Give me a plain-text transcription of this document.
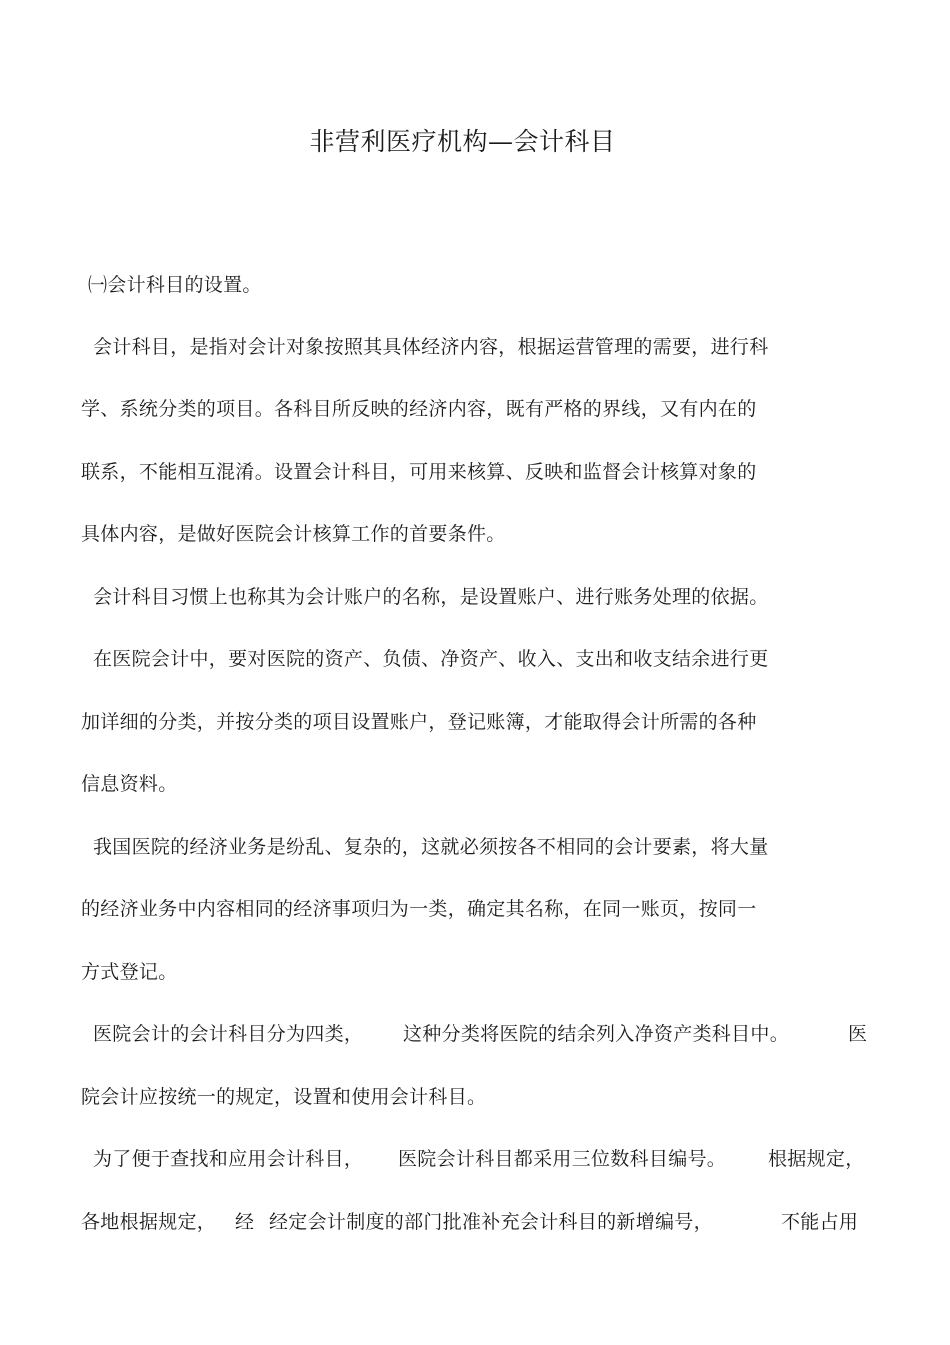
非营利医疗机构—会计科目
㈠会计科目的设置。
会计科目，是指对会计对象按照其具体经济内容，根据运营管理的需要，进行科
学、系统分类的项目。各科目所反映的经济内容，既有严格的界线，又有内在的
联系，不能相互混淆。设置会计科目，可用来核算、反映和监督会计核算对象的
具体内容，是做好医院会计核算工作的首要条件。
会计科目习惯上也称其为会计账户的名称，是设置账户、进行账务处理的依据。
在医院会计中，要对医院的资产、负债、净资产、收入、支出和收支结余进行更
加详细的分类，并按分类的项目设置账户，登记账簿，才能取得会计所需的各种
信息资料。
我国医院的经济业务是纷乱、复杂的，这就必须按各不相同的会计要素，将大量
的经济业务中内容相同的经济事项归为一类，确定其名称，在同一账页，按同一
方式登记。
医院会计的会计科目分为四类， 这种分类将医院的结余列入净资产类科目中。	医
院会计应按统一的规定，设置和使用会计科目。
为了便于查找和应用会计科目， 医院会计科目都采用三位数科目编号。 根据规定，
各地根据规定， 经 经定会计制度的部门批准补充会计科目的新增编号，	不能占用
